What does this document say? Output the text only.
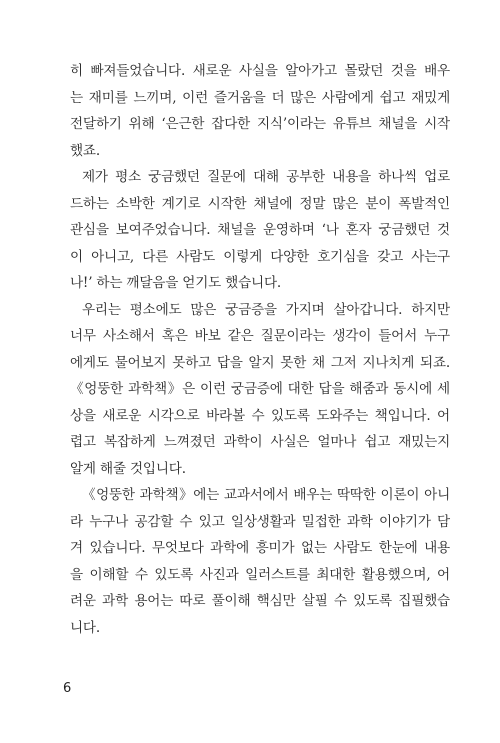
히 빠져들었습니다. 새로운 사실을 알아가고 몰랐던 것을 배우
는 재미를 느끼며, 이런 즐거움을 더 많은 사람에게 쉽고 재밌게
전달하기 위해 ‘은근한 잡다한 지식’이라는 유튜브 채널을 시작
했죠.
제가 평소 궁금했던 질문에 대해 공부한 내용을 하나씩 업로
드하는 소박한 계기로 시작한 채널에 정말 많은 분이 폭발적인
관심을 보여주었습니다. 채널을 운영하며 ‘나 혼자 궁금했던 것
이 아니고, 다른 사람도 이렇게 다양한 호기심을 갖고 사는구
나!’ 하는 깨달음을 얻기도 했습니다.
우리는 평소에도 많은 궁금증을 가지며 살아갑니다. 하지만
너무 사소해서 혹은 바보 같은 질문이라는 생각이 들어서 누구
에게도 물어보지 못하고 답을 알지 못한 채 그저 지나치게 되죠.
《엉뚱한 과학책》은 이런 궁금증에 대한 답을 해줌과 동시에 세
상을 새로운 시각으로 바라볼 수 있도록 도와주는 책입니다. 어
렵고 복잡하게 느껴졌던 과학이 사실은 얼마나 쉽고 재밌는지
알게 해줄 것입니다.
《엉뚱한 과학책》에는 교과서에서 배우는 딱딱한 이론이 아니
라 누구나 공감할 수 있고 일상생활과 밀접한 과학 이야기가 담
겨 있습니다. 무엇보다 과학에 흥미가 없는 사람도 한눈에 내용
을 이해할 수 있도록 사진과 일러스트를 최대한 활용했으며, 어
려운 과학 용어는 따로 풀이해 핵심만 살필 수 있도록 집필했습
니다.
6
